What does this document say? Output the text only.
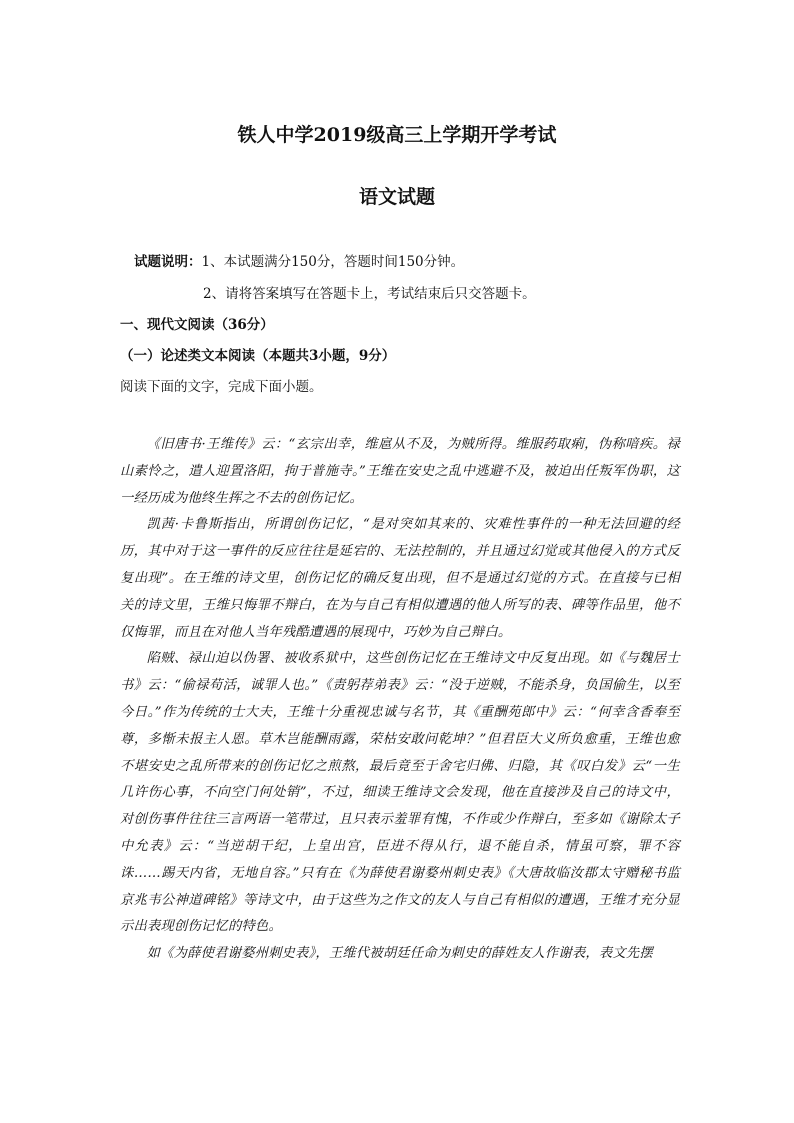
铁人中学2019级高三上学期开学考试
语文试题
试题说明：1、本试题满分150分，答题时间150分钟。
2、请将答案填写在答题卡上，考试结束后只交答题卡。
一、现代文阅读（36分）
（一）论述类文本阅读（本题共3小题，9分）
阅读下面的文字，完成下面小题。

《旧唐书·王维传》云：“玄宗出幸，维扈从不及，为贼所得。维服药取痢，伪称喑疾。禄山素怜之，遣人迎置洛阳，拘于普施寺。”王维在安史之乱中逃避不及，被迫出任叛军伪职，这一经历成为他终生挥之不去的创伤记忆。

凯茜·卡鲁斯指出，所谓创伤记忆，“是对突如其来的、灾难性事件的一种无法回避的经历，其中对于这一事件的反应往往是延宕的、无法控制的，并且通过幻觉或其他侵入的方式反复出现”。在王维的诗文里，创伤记忆的确反复出现，但不是通过幻觉的方式。在直接与已相关的诗文里，王维只悔罪不辩白，在为与自己有相似遭遇的他人所写的表、碑等作品里，他不仅悔罪，而且在对他人当年残酷遭遇的展现中，巧妙为自己辩白。

陷贼、禄山迫以伪署、被收系狱中，这些创伤记忆在王维诗文中反复出现。如《与魏居士书》云：“偷禄苟活，诚罪人也。”《责躬荐弟表》云：“没于逆贼，不能杀身，负国偷生，以至今日。”作为传统的士大夫，王维十分重视忠诚与名节，其《重酬苑郎中》云：“何幸含香奉至尊，多惭未报主人恩。草木岂能酬雨露，荣枯安敢问乾坤？”但君臣大义所负愈重，王维也愈不堪安史之乱所带来的创伤记忆之煎熬，最后竟至于舍宅归佛、归隐，其《叹白发》云“一生几许伤心事，不向空门何处销”，不过，细读王维诗文会发现，他在直接涉及自己的诗文中，对创伤事件往往三言两语一笔带过，且只表示羞罪有愧，不作或少作辩白，至多如《谢除太子中允表》云：“当逆胡干纪，上皇出宫，臣进不得从行，退不能自杀，情虽可察，罪不容诛……踢天内省，无地自容。”只有在《为薛使君谢婺州刺史表》《大唐故临汝郡太守赠秘书监京兆韦公神道碑铭》等诗文中，由于这些为之作文的友人与自己有相似的遭遇，王维才充分显示出表现创伤记忆的特色。

如《为薛使君谢婺州刺史表》，王维代被胡廷任命为刺史的薛姓友人作谢表，表文先摆
